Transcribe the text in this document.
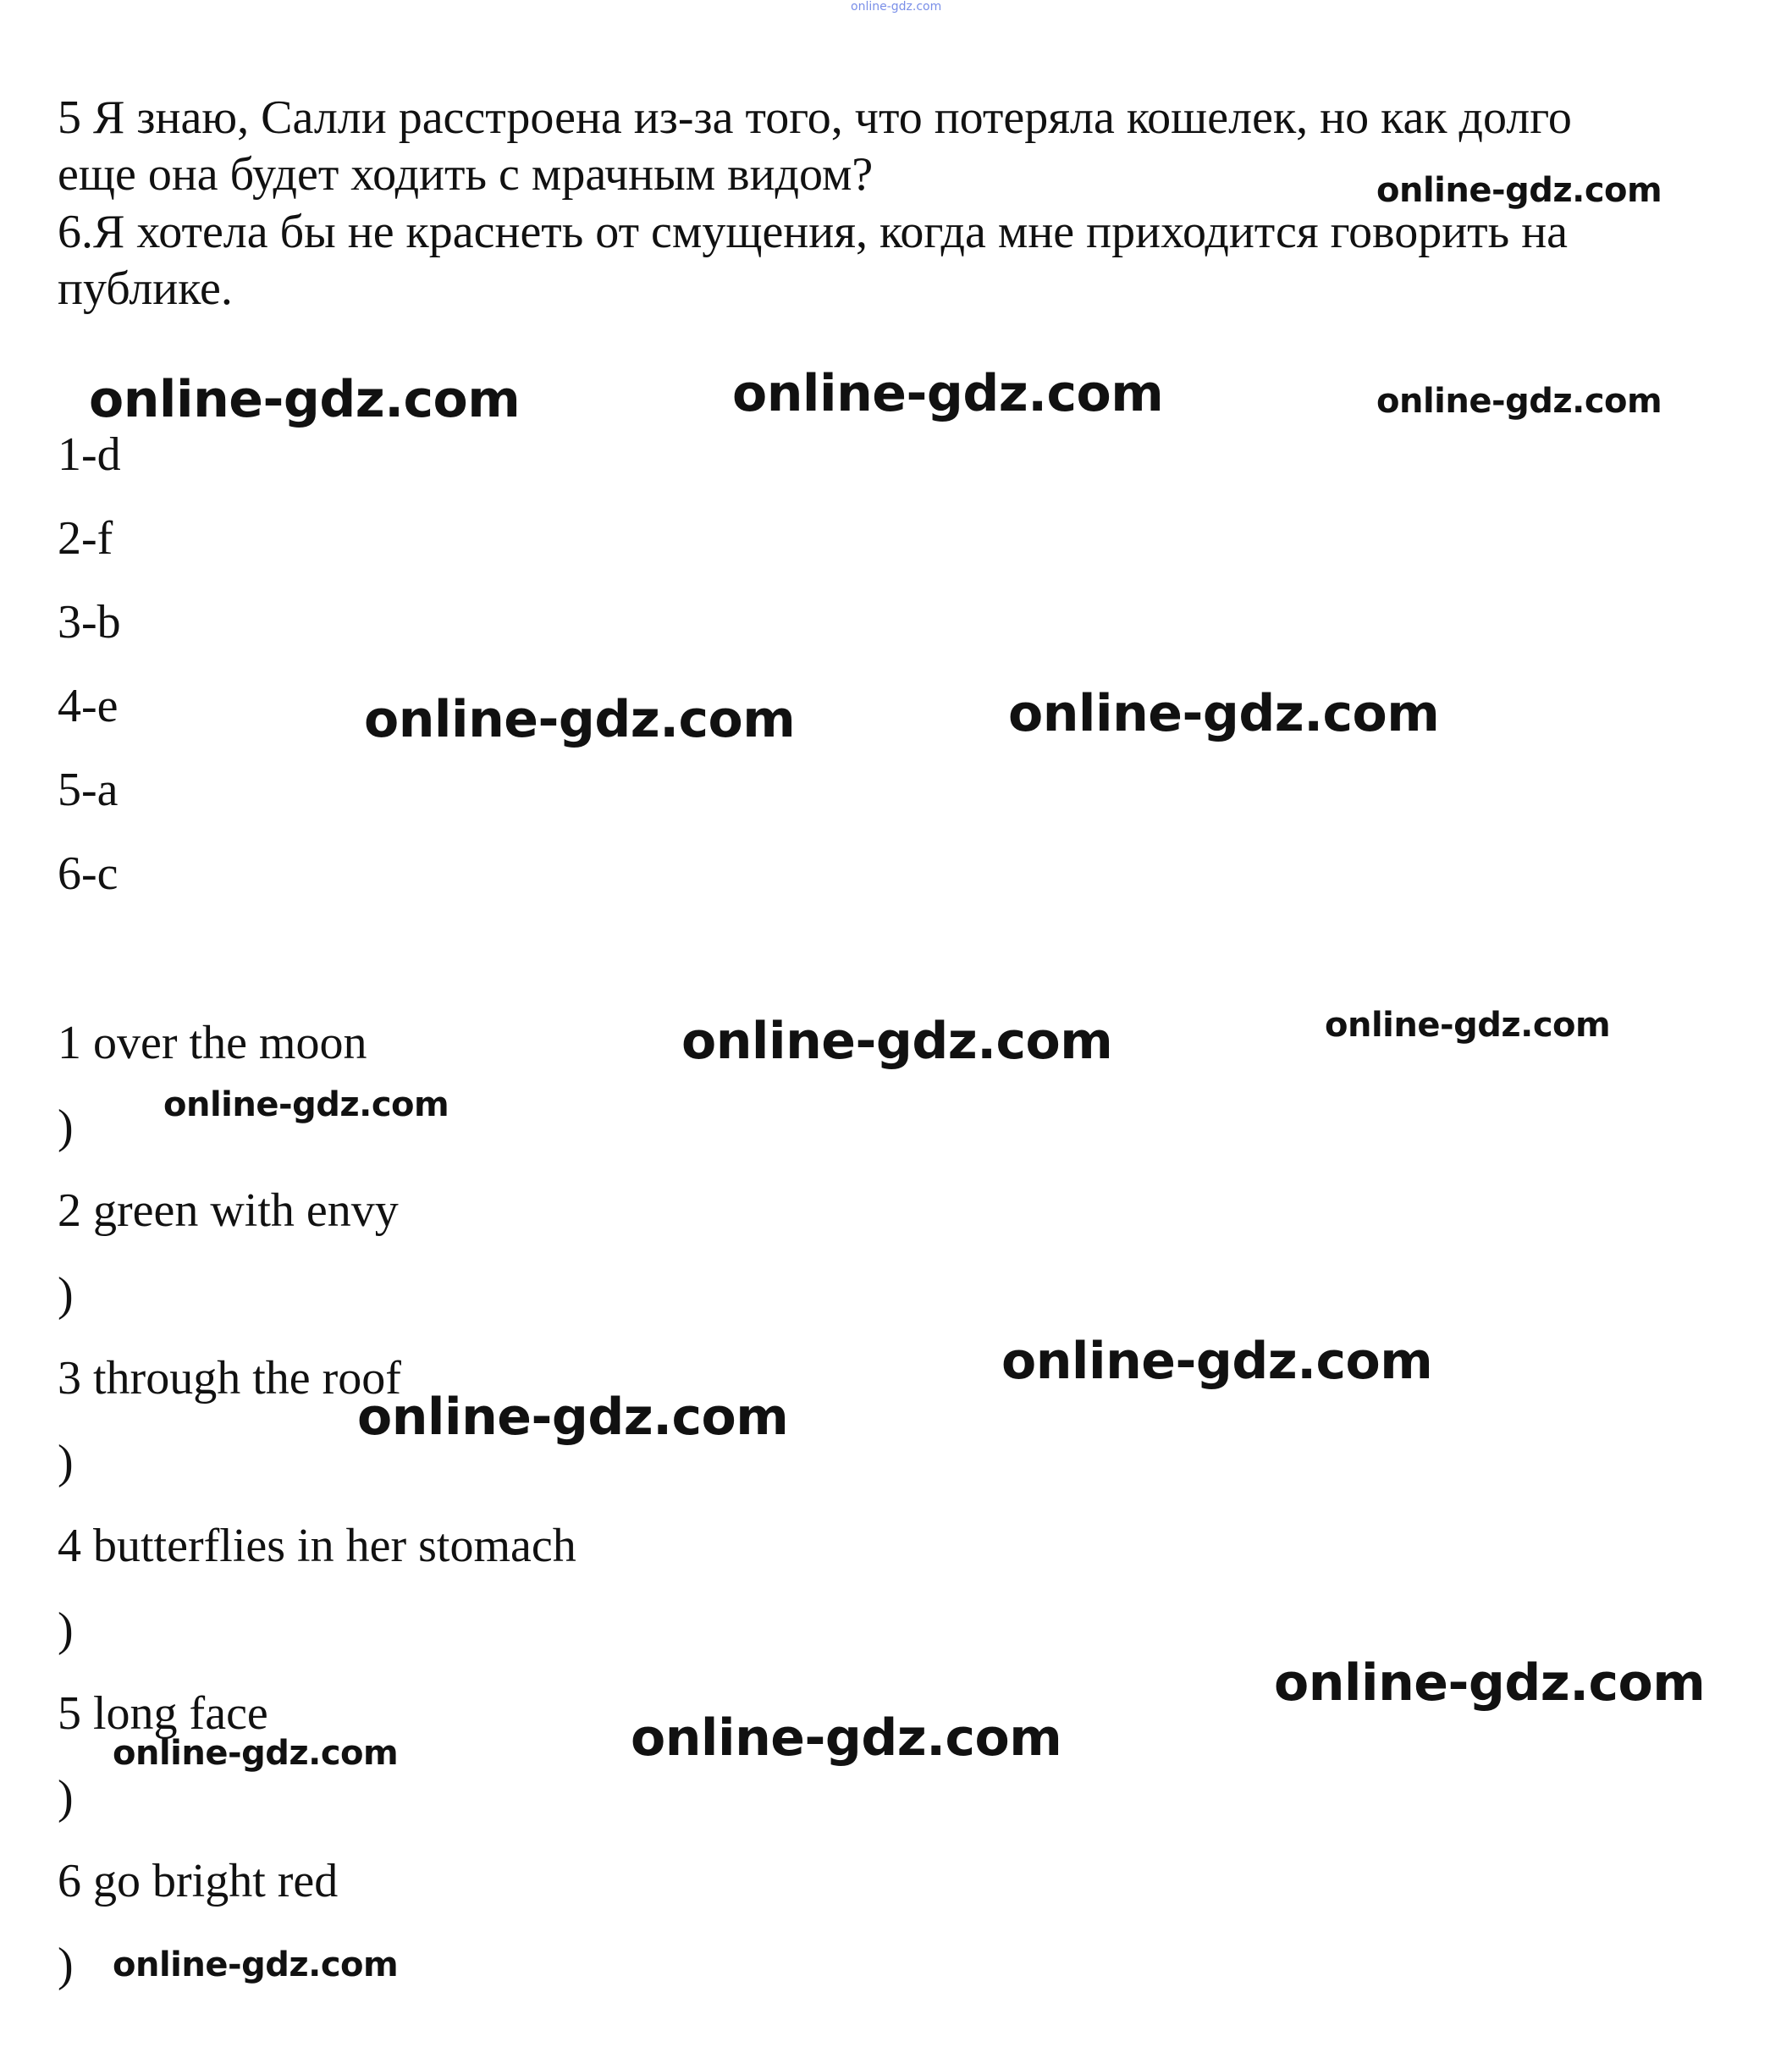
online-gdz.com
5 Я знаю, Салли расстроена из-за того, что потеряла кошелек, но как долго
еще она будет ходить с мрачным видом?
6.Я хотела бы не краснеть от смущения, когда мне приходится говорить на
публике.
1-d
2-f
3-b
4-e
5-a
6-c
1 over the moon
)
2 green with envy
)
3 through the roof
)
4 butterflies in her stomach
)
5 long face
)
6 go bright red
)
online-gdz.com
online-gdz.com	online-gdz.com	online-gdz.com
online-gdz.com	online-gdz.com
online-gdz.com	online-gdz.com
online-gdz.com
online-gdz.com
online-gdz.com
online-gdz.com
online-gdz.com
online-gdz.com
online-gdz.com
